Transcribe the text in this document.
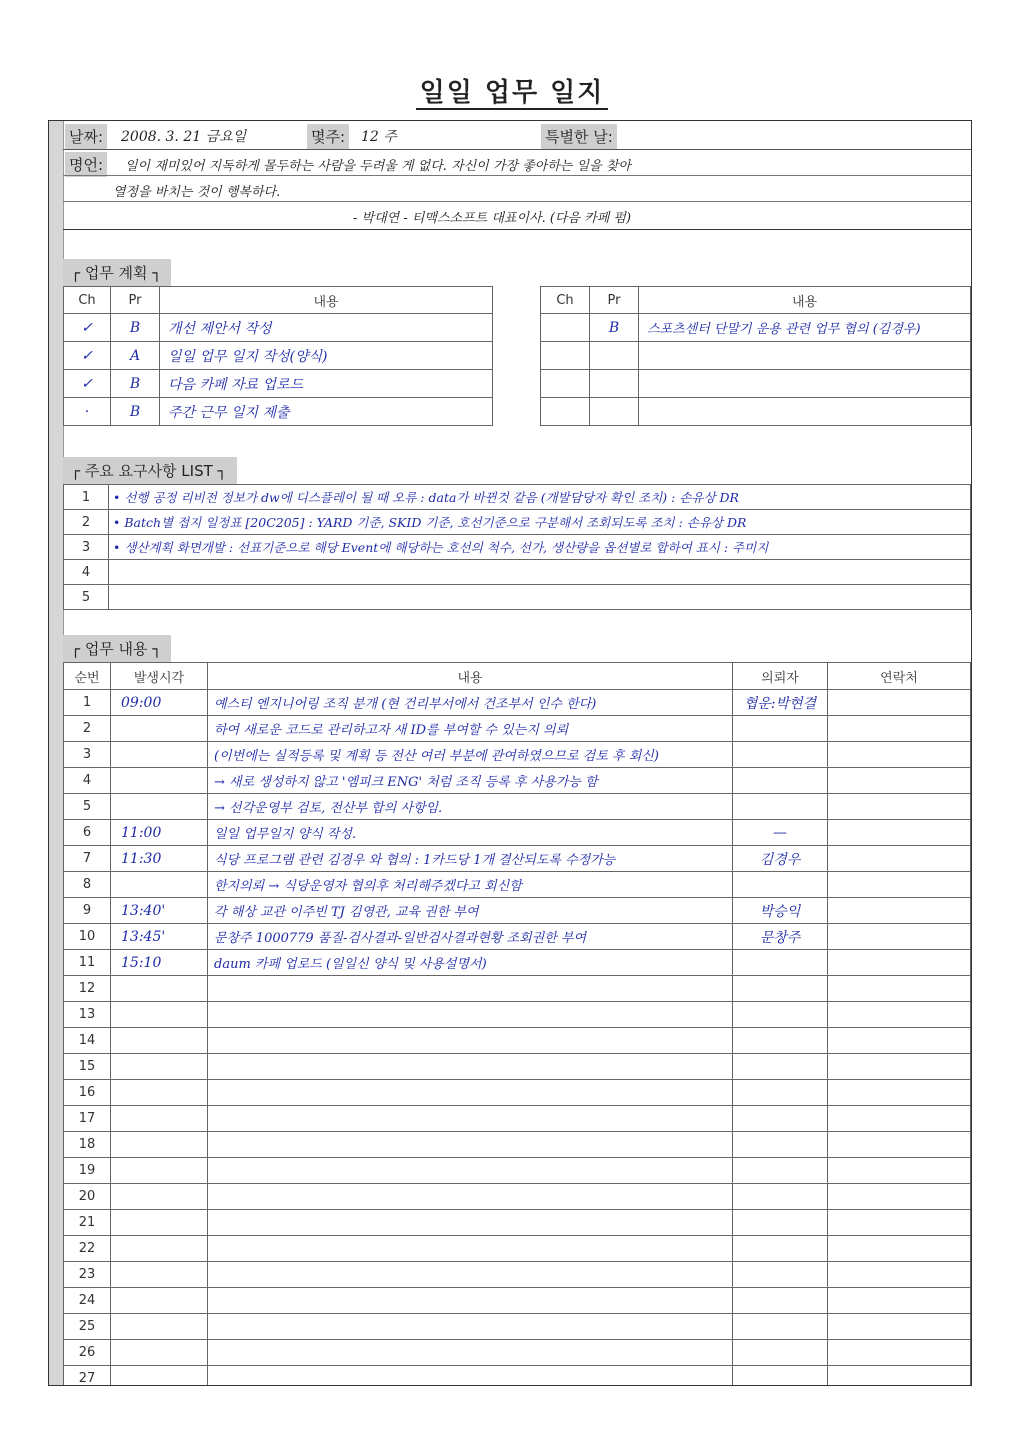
일일 업무 일지
날짜: 2008. 3. 21 금요일	몇주: 12 주	특별한 날:
명언:	일이 재미있어 지독하게 몰두하는 사람을 두려울 게 없다. 자신이 가장 좋아하는 일을 찾아
열정을 바치는 것이 행복하다.
- 박대연 - 티맥스소프트 대표이사. (다음 카페 펌)
┌ 업무 계획 ┐
Ch	Pr	내용
✓	B	개선 제안서 작성
✓	A	일일 업무 일지 작성(양식)
✓	B	다음 카페 자료 업로드
·	B	주간 근무 일지 제출
Ch	Pr	내용
	B	스포츠센터 단말기 운용 관련 업무 협의 (김경우)

┌ 주요 요구사항 LIST ┐
1	• 선행 공정 리비전 정보가 dw에 디스플레이 될 때 오류 : data가 바뀐것 같음 (개발담당자 확인 조치) : 손유상 DR
2	• Batch별 접지 일정표 [20C205] : YARD 기준, SKID 기준, 호선기준으로 구분해서 조회되도록 조치 : 손유상 DR
3	• 생산계획 화면개발 : 선표기준으로 해당 Event에 해당하는 호선의 척수, 선가, 생산량을 옵션별로 합하여 표시 : 주미지
4	
5	
┌ 업무 내용 ┐
순번	발생시각	내용	의뢰자	연락처
1	09:00	예스티 엔지니어링 조직 분개 (현 건리부서에서 건조부서 인수 한다)	협운:박현결	
2		하여 새로운 코드로 관리하고자 새 ID를 부여할 수 있는지 의뢰		
3		(이번에는 실적등록 및 계획 등 전산 여러 부분에 관여하였으므로 검토 후 회신)		
4		→ 새로 생성하지 않고 '엠피크 ENG' 처럼 조직 등록 후 사용가능 함		
5		→ 선각운영부 검토, 전산부 합의 사항임.		
6	11:00	일일 업무일지 양식 작성.	—	
7	11:30	식당 프로그램 관련 김경우 와 협의 : 1카드당 1개 결산되도록 수정가능	김경우	
8		한지의뢰 → 식당운영자 협의후 처리해주겠다고 회신함		
9	13:40'	각 해상 교관 이주빈 TJ 김영관, 교육 권한 부여	박승익	
10	13:45'	문창주 1000779 품질-검사결과-일반검사결과현황 조회권한 부여	문창주	
11	15:10	daum 카페 업로드 (일일신 양식 및 사용설명서)		
12				
13				
14				
15				
16				
17				
18				
19				
20				
21				
22				
23				
24				
25				
26				
27				
